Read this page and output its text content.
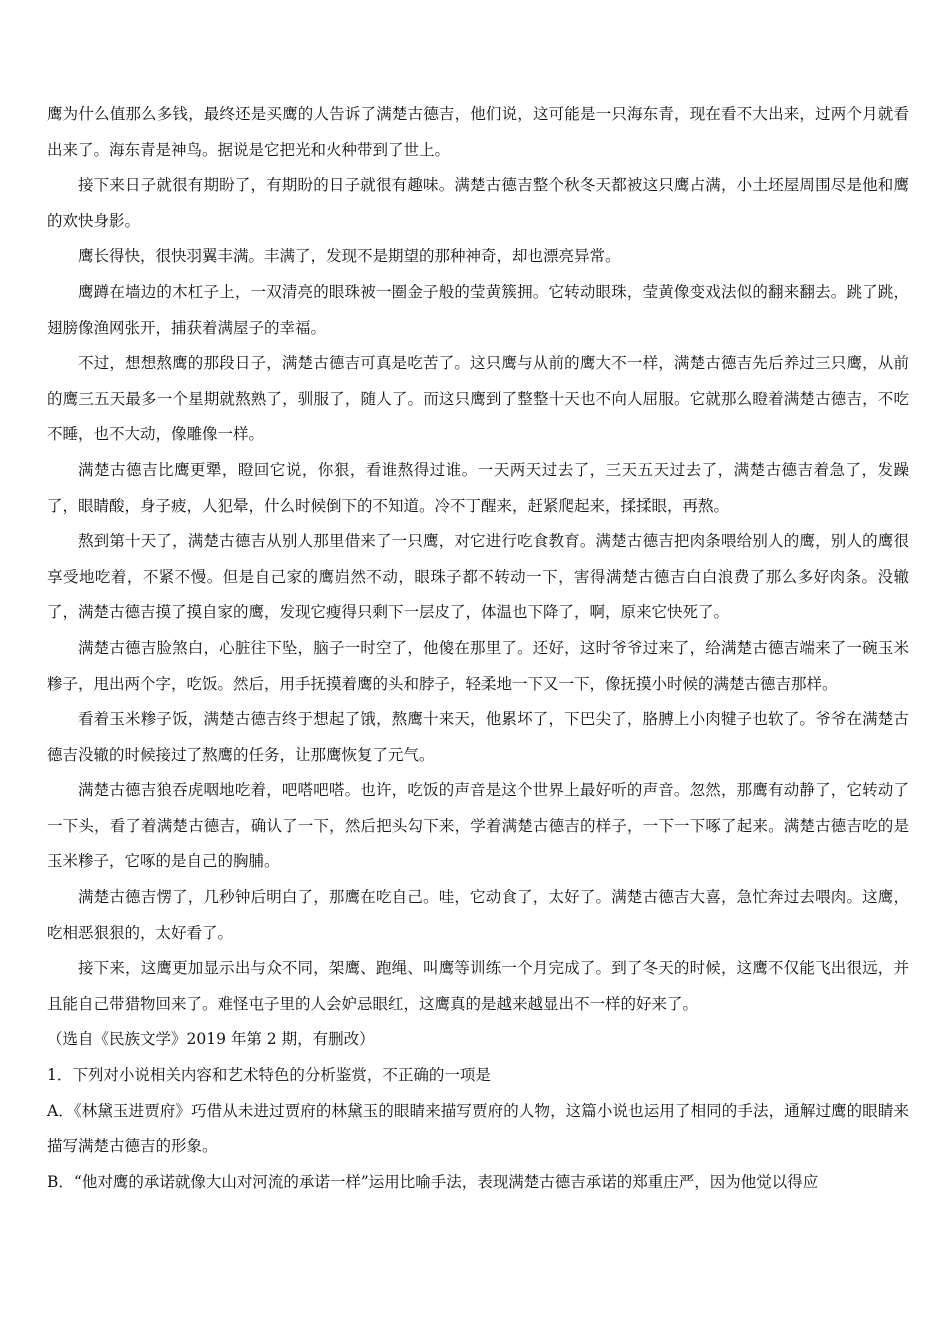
鹰为什么值那么多钱，最终还是买鹰的人告诉了满楚古德吉，他们说，这可能是一只海东青，现在看不大出来，过两个月就看出来了。海东青是神鸟。据说是它把光和火种带到了世上。

接下来日子就很有期盼了，有期盼的日子就很有趣味。满楚古德吉整个秋冬天都被这只鹰占满，小土坯屋周围尽是他和鹰的欢快身影。

鹰长得快，很快羽翼丰满。丰满了，发现不是期望的那种神奇，却也漂亮异常。

鹰蹲在墙边的木杠子上，一双清亮的眼珠被一圈金子般的莹黄簇拥。它转动眼珠，莹黄像变戏法似的翻来翻去。跳了跳，翅膀像渔网张开，捕获着满屋子的幸福。

不过，想想熬鹰的那段日子，满楚古德吉可真是吃苦了。这只鹰与从前的鹰大不一样，满楚古德吉先后养过三只鹰，从前的鹰三五天最多一个星期就熬熟了，驯服了，随人了。而这只鹰到了整整十天也不向人屈服。它就那么瞪着满楚古德吉，不吃不睡，也不大动，像雕像一样。

满楚古德吉比鹰更犟，瞪回它说，你狠，看谁熬得过谁。一天两天过去了，三天五天过去了，满楚古德吉着急了，发躁了，眼睛酸，身子疲，人犯晕，什么时候倒下的不知道。冷不丁醒来，赶紧爬起来，揉揉眼，再熬。

熬到第十天了，满楚古德吉从别人那里借来了一只鹰，对它进行吃食教育。满楚古德吉把肉条喂给别人的鹰，别人的鹰很享受地吃着，不紧不慢。但是自己家的鹰岿然不动，眼珠子都不转动一下，害得满楚古德吉白白浪费了那么多好肉条。没辙了，满楚古德吉摸了摸自家的鹰，发现它瘦得只剩下一层皮了，体温也下降了，啊，原来它快死了。

满楚古德吉脸煞白，心脏往下坠，脑子一时空了，他傻在那里了。还好，这时爷爷过来了，给满楚古德吉端来了一碗玉米糁子，甩出两个字，吃饭。然后，用手抚摸着鹰的头和脖子，轻柔地一下又一下，像抚摸小时候的满楚古德吉那样。

看着玉米糁子饭，满楚古德吉终于想起了饿，熬鹰十来天，他累坏了，下巴尖了，胳膊上小肉犍子也软了。爷爷在满楚古德吉没辙的时候接过了熬鹰的任务，让那鹰恢复了元气。

满楚古德吉狼吞虎咽地吃着，吧嗒吧嗒。也许，吃饭的声音是这个世界上最好听的声音。忽然，那鹰有动静了，它转动了一下头，看了着满楚古德吉，确认了一下，然后把头勾下来，学着满楚古德吉的样子，一下一下啄了起来。满楚古德吉吃的是玉米糁子，它啄的是自己的胸脯。

满楚古德吉愣了，几秒钟后明白了，那鹰在吃自己。哇，它动食了，太好了。满楚古德吉大喜，急忙奔过去喂肉。这鹰，吃相恶狠狠的，太好看了。

接下来，这鹰更加显示出与众不同，架鹰、跑绳、叫鹰等训练一个月完成了。到了冬天的时候，这鹰不仅能飞出很远，并且能自己带猎物回来了。难怪屯子里的人会妒忌眼红，这鹰真的是越来越显出不一样的好来了。

（选自《民族文学》2019 年第 2 期，有删改）

1．下列对小说相关内容和艺术特色的分析鉴赏，不正确的一项是

A．《林黛玉进贾府》巧借从未进过贾府的林黛玉的眼睛来描写贾府的人物，这篇小说也运用了相同的手法，通解过鹰的眼睛来描写满楚古德吉的形象。

B．“他对鹰的承诺就像大山对河流的承诺一样”运用比喻手法，表现满楚古德吉承诺的郑重庄严，因为他觉以得应
